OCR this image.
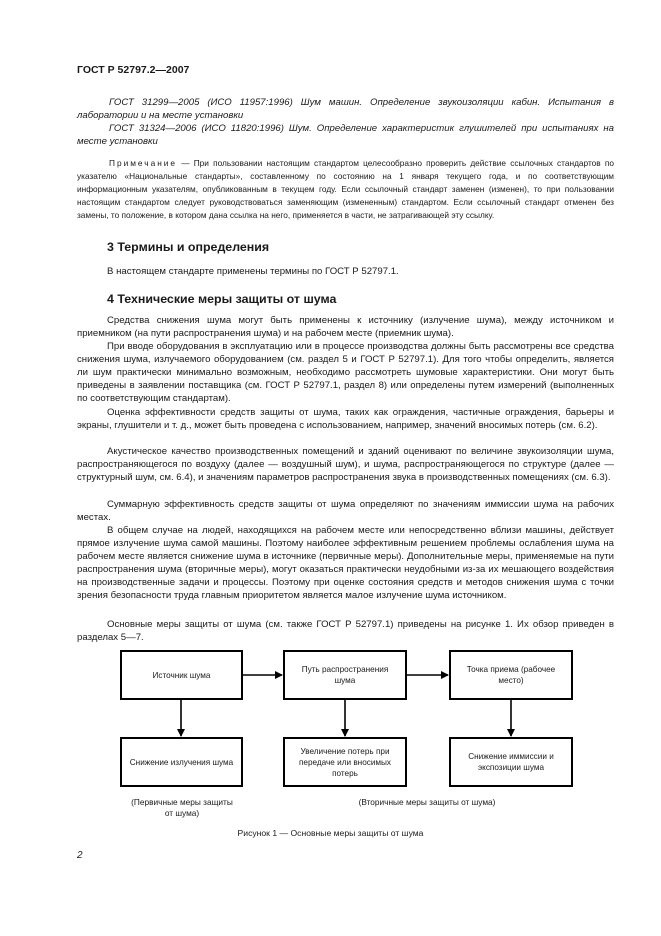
ГОСТ Р 52797.2—2007

ГОСТ 31299—2005 (ИСО 11957:1996) Шум машин. Определение звукоизоляции кабин. Испытания в лаборатории и на месте установки

ГОСТ 31324—2006 (ИСО 11820:1996) Шум. Определение характеристик глушителей при испытаниях на месте установки

Примечание — При пользовании настоящим стандартом целесообразно проверить действие ссылочных стандартов по указателю «Национальные стандарты», составленному по состоянию на 1 января текущего года, и по соответствующим информационным указателям, опубликованным в текущем году. Если ссылочный стандарт заменен (изменен), то при пользовании настоящим стандартом следует руководствоваться заменяющим (измененным) стандартом. Если ссылочный стандарт отменен без замены, то положение, в котором дана ссылка на него, применяется в части, не затрагивающей эту ссылку.
3 Термины и определения

В настоящем стандарте применены термины по ГОСТ Р 52797.1.

4 Технические меры защиты от шума

Средства снижения шума могут быть применены к источнику (излучение шума), между источником и приемником (на пути распространения шума) и на рабочем месте (приемник шума).

При вводе оборудования в эксплуатацию или в процессе производства должны быть рассмотрены все средства снижения шума, излучаемого оборудованием (см. раздел 5 и ГОСТ Р 52797.1). Для того чтобы определить, является ли шум практически минимально возможным, необходимо рассмотреть шумовые характеристики. Они могут быть приведены в заявлении поставщика (см. ГОСТ Р 52797.1, раздел 8) или определены путем измерений (выполненных по соответствующим стандартам).

Оценка эффективности средств защиты от шума, таких как ограждения, частичные ограждения, барьеры и экраны, глушители и т. д., может быть проведена с использованием, например, значений вносимых потерь (см. 6.2).

Акустическое качество производственных помещений и зданий оценивают по величине звукоизоляции шума, распространяющегося по воздуху (далее — воздушный шум), и шума, распространяющегося по структуре (далее — структурный шум, см. 6.4), и значениям параметров распространения звука в производственных помещениях (см. 6.3).

Суммарную эффективность средств защиты от шума определяют по значениям иммиссии шума на рабочих местах.

В общем случае на людей, находящихся на рабочем месте или непосредственно вблизи машины, действует прямое излучение шума самой машины. Поэтому наиболее эффективным решением проблемы ослабления шума на рабочем месте является снижение шума в источнике (первичные меры). Дополнительные меры, применяемые на пути распространения шума (вторичные меры), могут оказаться практически неудобными из-за их мешающего воздействия на производственные задачи и процессы. Поэтому при оценке состояния средств и методов снижения шума с точки зрения безопасности труда главным приоритетом является малое излучение шума источником.

Основные меры защиты от шума (см. также ГОСТ Р 52797.1) приведены на рисунке 1. Их обзор приведен в разделах 5—7.

Источник шума
Путь распространения шума
Точка приема (рабочее место)
Снижение излучения шума
Увеличение потерь при передаче или вносимых потерь
Снижение иммиссии и экспозиции шума
(Первичные меры защиты от шума)
(Вторичные меры защиты от шума)
Рисунок 1 — Основные меры защиты от шума
2
